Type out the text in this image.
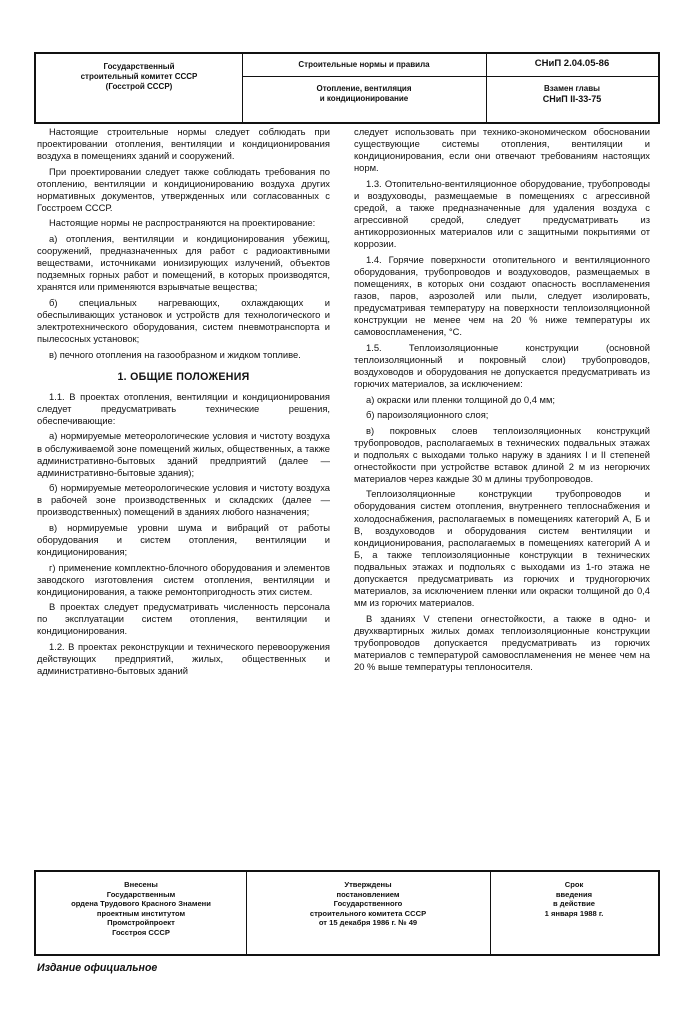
Государственный
строительный комитет СССР
(Госстрой СССР)
Строительные нормы и правила	СНиП 2.04.05-86
Отопление, вентиляция
и кондиционирование
Взамен главы
СНиП II-33-75

Настоящие строительные нормы следует соблюдать при проектировании отопления, вентиляции и кондиционирования воздуха в помещениях зданий и сооружений.

При проектировании следует также соблюдать требования по отоплению, вентиляции и кондиционированию воздуха других нормативных документов, утвержденных или согласованных с Госстроем СССР.

Настоящие нормы не распространяются на проектирование:

а) отопления, вентиляции и кондиционирования убежищ, сооружений, предназначенных для работ с радиоактивными веществами, источниками ионизирующих излучений, объектов подземных горных работ и помещений, в которых производятся, хранятся или применяются взрывчатые вещества;

б) специальных нагревающих, охлаждающих и обеспыливающих установок и устройств для технологического и электротехнического оборудования, систем пневмотранспорта и пылесосных установок;

в) печного отопления на газообразном и жидком топливе.

1. ОБЩИЕ ПОЛОЖЕНИЯ

1.1. В проектах отопления, вентиляции и кондиционирования следует предусматривать технические решения, обеспечивающие:

а) нормируемые метеорологические условия и чистоту воздуха в обслуживаемой зоне помещений жилых, общественных, а также административно-бытовых зданий предприятий (далее — административно-бытовые здания);

б) нормируемые метеорологические условия и чистоту воздуха в рабочей зоне производственных и складских (далее — производственных) помещений в зданиях любого назначения;

в) нормируемые уровни шума и вибраций от работы оборудования и систем отопления, вентиляции и кондиционирования;

г) применение комплектно-блочного оборудования и элементов заводского изготовления систем отопления, вентиляции и кондиционирования, а также ремонтопригодность этих систем.

В проектах следует предусматривать численность персонала по эксплуатации систем отопления, вентиляции и кондиционирования.

1.2. В проектах реконструкции и технического перевооружения действующих предприятий, жилых, общественных и административно-бытовых зданий

следует использовать при технико-экономическом обосновании существующие системы отопления, вентиляции и кондиционирования, если они отвечают требованиям настоящих норм.

1.3. Отопительно-вентиляционное оборудование, трубопроводы и воздуховоды, размещаемые в помещениях с агрессивной средой, а также предназначенные для удаления воздуха с агрессивной средой, следует предусматривать из антикоррозионных материалов или с защитными покрытиями от коррозии.

1.4. Горячие поверхности отопительного и вентиляционного оборудования, трубопроводов и воздуховодов, размещаемых в помещениях, в которых они создают опасность воспламенения газов, паров, аэрозолей или пыли, следует изолировать, предусматривая температуру на поверхности теплоизоляционной конструкции не менее чем на 20 % ниже температуры их самовоспламенения, °С.

1.5. Теплоизоляционные конструкции (основной теплоизоляционный и покровный слои) трубопроводов, воздуховодов и оборудования не допускается предусматривать из горючих материалов, за исключением:

а) окраски или пленки толщиной до 0,4 мм;

б) пароизоляционного слоя;

в) покровных слоев теплоизоляционных конструкций трубопроводов, располагаемых в технических подвальных этажах и подпольях с выходами только наружу в зданиях I и II степеней огнестойкости при устройстве вставок длиной 2 м из негорючих материалов через каждые 30 м длины трубопроводов.

Теплоизоляционные конструкции трубопроводов и оборудования систем отопления, внутреннего теплоснабжения и холодоснабжения, располагаемых в помещениях категорий А, Б и В, воздуховодов и оборудования систем вентиляции и кондиционирования, располагаемых в помещениях категорий А и Б, а также теплоизоляционные конструкции в технических подвальных этажах и подпольях с выходами из 1-го этажа не допускается предусматривать из горючих и трудногорючих материалов, за исключением пленки или окраски толщиной до 0,4 мм из горючих материалов.

В зданиях V степени огнестойкости, а также в одно- и двухквартирных жилых домах теплоизоляционные конструкции трубопроводов допускается предусматривать из горючих материалов с температурой самовоспламенения не менее чем на 20 % выше температуры теплоносителя.

Внесены
Государственным
ордена Трудового Красного Знамени
проектным институтом
Промстройпроект
Госстроя СССР
Утверждены
постановлением
Государственного
строительного комитета СССР
от 15 декабря 1986 г. № 49
Срок
введения
в действие
1 января 1988 г.
Издание официальное
